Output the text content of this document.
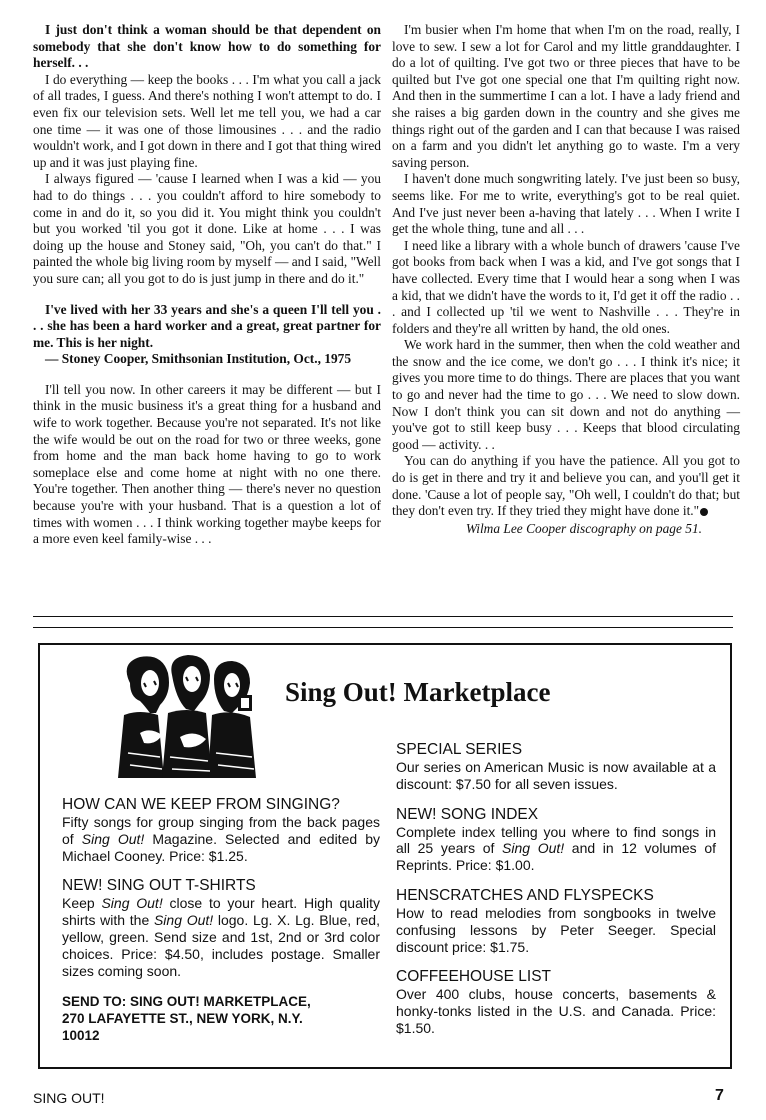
I just don't think a woman should be that dependent on somebody that she don't know how to do something for herself. . .

I do everything — keep the books . . . I'm what you call a jack of all trades, I guess. And there's nothing I won't attempt to do. I even fix our television sets. Well let me tell you, we had a car one time — it was one of those limousines . . . and the radio wouldn't work, and I got down in there and I got that thing wired up and it was just playing fine.

I always figured — 'cause I learned when I was a kid — you had to do things . . . you couldn't afford to hire somebody to come in and do it, so you did it. You might think you couldn't but you worked 'til you got it done. Like at home . . . I was doing up the house and Stoney said, "Oh, you can't do that." I painted the whole big living room by myself — and I said, "Well you sure can; all you got to do is just jump in there and do it."

I've lived with her 33 years and she's a queen I'll tell you . . . she has been a hard worker and a great, great partner for me. This is her night.

— Stoney Cooper, Smithsonian Institution, Oct., 1975

I'll tell you now. In other careers it may be different — but I think in the music business it's a great thing for a husband and wife to work together. Because you're not separated. It's not like the wife would be out on the road for two or three weeks, gone from home and the man back home having to go to work someplace else and come home at night with no one there. You're together. Then another thing — there's never no question because you're with your husband. That is a question a lot of times with women . . . I think working together maybe keeps for a more even keel family-wise . . .

I'm busier when I'm home that when I'm on the road, really, I love to sew. I sew a lot for Carol and my little granddaughter. I do a lot of quilting. I've got two or three pieces that have to be quilted but I've got one special one that I'm quilting right now. And then in the summertime I can a lot. I have a lady friend and she raises a big garden down in the country and she gives me things right out of the garden and I can that because I was raised on a farm and you didn't let anything go to waste. I'm a very saving person.

I haven't done much songwriting lately. I've just been so busy, seems like. For me to write, everything's got to be real quiet. And I've just never been a-having that lately . . . When I write I get the whole thing, tune and all . . .

I need like a library with a whole bunch of drawers 'cause I've got books from back when I was a kid, and I've got songs that I have collected. Every time that I would hear a song when I was a kid, that we didn't have the words to it, I'd get it off the radio . . . and I collected up 'til we went to Nashville . . . They're in folders and they're all written by hand, the old ones.

We work hard in the summer, then when the cold weather and the snow and the ice come, we don't go . . . I think it's nice; it gives you more time to do things. There are places that you want to go and never had the time to go . . . We need to slow down. Now I don't think you can sit down and not do anything — you've got to still keep busy . . . Keeps that blood circulating good — activity. . .

You can do anything if you have the patience. All you got to do is get in there and try it and believe you can, and you'll get it done. 'Cause a lot of people say, "Oh well, I couldn't do that; but they don't even try. If they tried they might have done it."

Wilma Lee Cooper discography on page 51.
Sing Out! Marketplace
HOW CAN WE KEEP FROM SINGING?
Fifty songs for group singing from the back pages of Sing Out! Magazine. Selected and edited by Michael Cooney. Price: $1.25.
NEW! SING OUT T-SHIRTS
Keep Sing Out! close to your heart. High quality shirts with the Sing Out! logo. Lg. X. Lg. Blue, red, yellow, green. Send size and 1st, 2nd or 3rd color choices. Price: $4.50, includes postage. Smaller sizes coming soon.
SEND TO: SING OUT! MARKETPLACE,
270 LAFAYETTE ST., NEW YORK, N.Y.
10012
SPECIAL SERIES
Our series on American Music is now available at a discount: $7.50 for all seven issues.
NEW! SONG INDEX
Complete index telling you where to find songs in all 25 years of Sing Out! and in 12 volumes of Reprints. Price: $1.00.
HENSCRATCHES AND FLYSPECKS
How to read melodies from songbooks in twelve confusing lessons by Peter Seeger. Special discount price: $1.75.
COFFEEHOUSE LIST
Over 400 clubs, house concerts, basements & honky-tonks listed in the U.S. and Canada. Price: $1.50.
SING OUT!	7
